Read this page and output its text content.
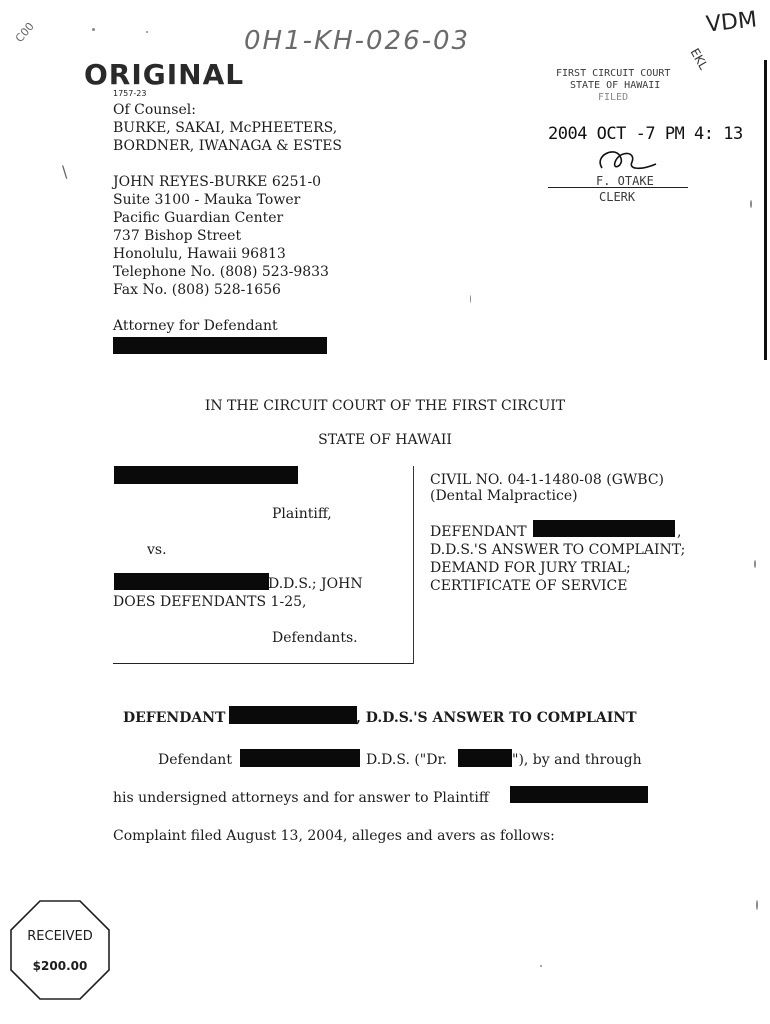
C00	0H1-KH-026-03
VDM
EKL
ORIGINAL
1757-23
Of Counsel:
BURKE, SAKAI, McPHEETERS,
BORDNER, IWANAGA & ESTES
\
JOHN REYES-BURKE 6251-0
Suite 3100 - Mauka Tower
Pacific Guardian Center
737 Bishop Street
Honolulu, Hawaii 96813
Telephone No. (808) 523-9833
Fax No. (808) 528-1656
Attorney for Defendant
FIRST CIRCUIT COURT
STATE OF HAWAII
FILED
2004 OCT -7 PM 4: 13
F. OTAKE
CLERK
IN THE CIRCUIT COURT OF THE FIRST CIRCUIT
STATE OF HAWAII
Plaintiff,
vs.
D.D.S.; JOHN
DOES DEFENDANTS 1-25,
Defendants.
CIVIL NO. 04-1-1480-08 (GWBC)
(Dental Malpractice)
DEFENDANT	,
D.D.S.'S ANSWER TO COMPLAINT;
DEMAND FOR JURY TRIAL;
CERTIFICATE OF SERVICE
DEFENDANT	, D.D.S.'S ANSWER TO COMPLAINT
Defendant	D.D.S. ("Dr.	"), by and through
his undersigned attorneys and for answer to Plaintiff
Complaint filed August 13, 2004, alleges and avers as follows:
RECEIVED
$200.00
